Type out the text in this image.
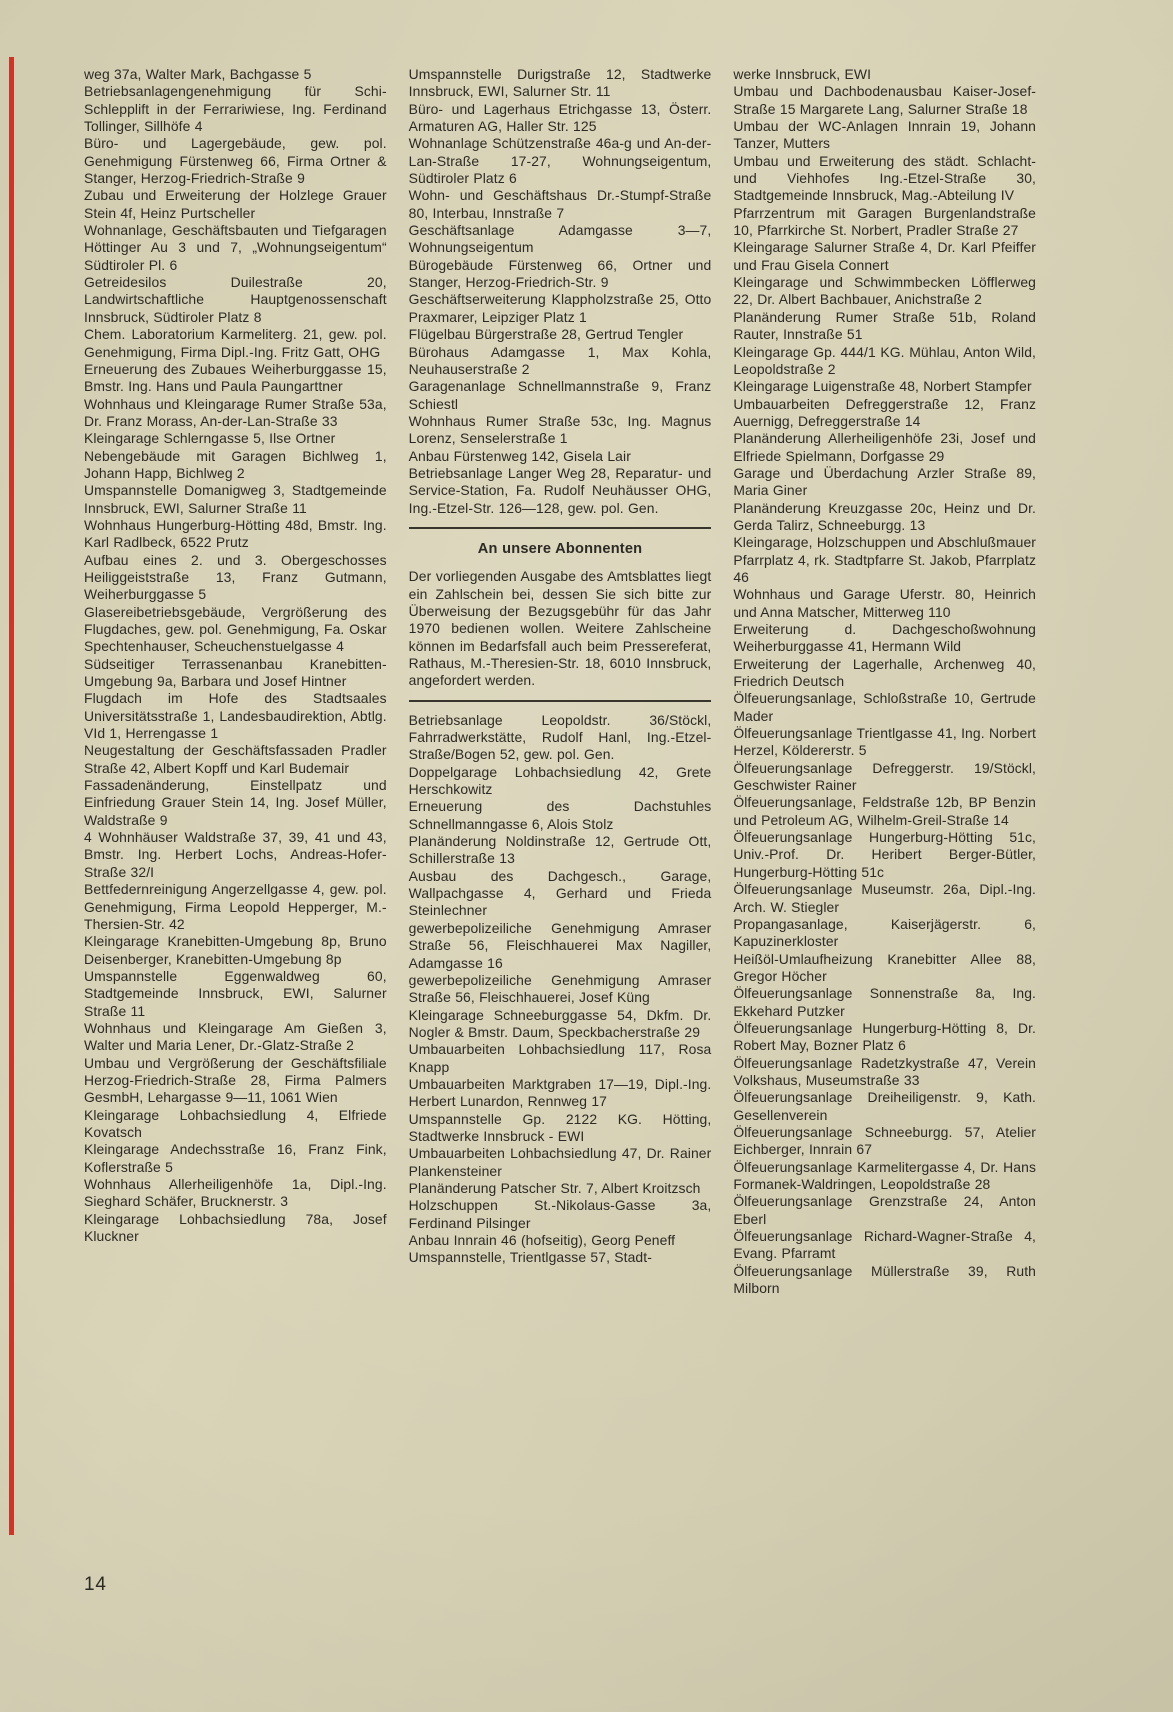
weg 37a, Walter Mark, Bachgasse 5

Betriebsanlagengenehmigung für Schi-Schlepplift in der Ferrariwiese, Ing. Ferdinand Tollinger, Sillhöfe 4

Büro- und Lagergebäude, gew. pol. Genehmigung Fürstenweg 66, Firma Ortner & Stanger, Herzog-Friedrich-Straße 9

Zubau und Erweiterung der Holzlege Grauer Stein 4f, Heinz Purtscheller

Wohnanlage, Geschäftsbauten und Tiefgaragen Höttinger Au 3 und 7, „Wohnungseigentum“ Südtiroler Pl. 6

Getreidesilos Duilestraße 20, Landwirtschaftliche Hauptgenossenschaft Innsbruck, Südtiroler Platz 8

Chem. Laboratorium Karmeliterg. 21, gew. pol. Genehmigung, Firma Dipl.-Ing. Fritz Gatt, OHG

Erneuerung des Zubaues Weiherburggasse 15, Bmstr. Ing. Hans und Paula Paungarttner

Wohnhaus und Kleingarage Rumer Straße 53a, Dr. Franz Morass, An-der-Lan-Straße 33

Kleingarage Schlerngasse 5, Ilse Ortner

Nebengebäude mit Garagen Bichlweg 1, Johann Happ, Bichlweg 2

Umspannstelle Domanigweg 3, Stadtgemeinde Innsbruck, EWI, Salurner Straße 11

Wohnhaus Hungerburg-Hötting 48d, Bmstr. Ing. Karl Radlbeck, 6522 Prutz

Aufbau eines 2. und 3. Obergeschosses Heiliggeiststraße 13, Franz Gutmann, Weiherburggasse 5

Glasereibetriebsgebäude, Vergrößerung des Flugdaches, gew. pol. Genehmigung, Fa. Oskar Spechtenhauser, Scheuchenstuelgasse 4

Südseitiger Terrassenanbau Kranebitten-Umgebung 9a, Barbara und Josef Hintner

Flugdach im Hofe des Stadtsaales Universitätsstraße 1, Landesbaudirektion, Abtlg. VId 1, Herrengasse 1

Neugestaltung der Geschäftsfassaden Pradler Straße 42, Albert Kopff und Karl Budemair

Fassadenänderung, Einstellpatz und Einfriedung Grauer Stein 14, Ing. Josef Müller, Waldstraße 9

4 Wohnhäuser Waldstraße 37, 39, 41 und 43, Bmstr. Ing. Herbert Lochs, Andreas-Hofer-Straße 32/I

Bettfedernreinigung Angerzellgasse 4, gew. pol. Genehmigung, Firma Leopold Hepperger, M.-Thersien-Str. 42

Kleingarage Kranebitten-Umgebung 8p, Bruno Deisenberger, Kranebitten-Umgebung 8p

Umspannstelle Eggenwaldweg 60, Stadtgemeinde Innsbruck, EWI, Salurner Straße 11

Wohnhaus und Kleingarage Am Gießen 3, Walter und Maria Lener, Dr.-Glatz-Straße 2

Umbau und Vergrößerung der Geschäftsfiliale Herzog-Friedrich-Straße 28, Firma Palmers GesmbH, Lehargasse 9—11, 1061 Wien

Kleingarage Lohbachsiedlung 4, Elfriede Kovatsch

Kleingarage Andechsstraße 16, Franz Fink, Koflerstraße 5

Wohnhaus Allerheiligenhöfe 1a, Dipl.-Ing. Sieghard Schäfer, Brucknerstr. 3

Kleingarage Lohbachsiedlung 78a, Josef Kluckner

Umspannstelle Durigstraße 12, Stadtwerke Innsbruck, EWI, Salurner Str. 11

Büro- und Lagerhaus Etrichgasse 13, Österr. Armaturen AG, Haller Str. 125

Wohnanlage Schützenstraße 46a-g und An-der-Lan-Straße 17-27, Wohnungseigentum, Südtiroler Platz 6

Wohn- und Geschäftshaus Dr.-Stumpf-Straße 80, Interbau, Innstraße 7

Geschäftsanlage Adamgasse 3—7, Wohnungseigentum

Bürogebäude Fürstenweg 66, Ortner und Stanger, Herzog-Friedrich-Str. 9

Geschäftserweiterung Klappholzstraße 25, Otto Praxmarer, Leipziger Platz 1

Flügelbau Bürgerstraße 28, Gertrud Tengler

Bürohaus Adamgasse 1, Max Kohla, Neuhauserstraße 2

Garagenanlage Schnellmannstraße 9, Franz Schiestl

Wohnhaus Rumer Straße 53c, Ing. Magnus Lorenz, Senselerstraße 1

Anbau Fürstenweg 142, Gisela Lair

Betriebsanlage Langer Weg 28, Reparatur- und Service-Station, Fa. Rudolf Neuhäusser OHG, Ing.-Etzel-Str. 126—128, gew. pol. Gen.

An unsere Abonnenten

Der vorliegenden Ausgabe des Amtsblattes liegt ein Zahlschein bei, dessen Sie sich bitte zur Überweisung der Bezugsgebühr für das Jahr 1970 bedienen wollen. Weitere Zahlscheine können im Bedarfsfall auch beim Pressereferat, Rathaus, M.-Theresien-Str. 18, 6010 Innsbruck, angefordert werden.

Betriebsanlage Leopoldstr. 36/Stöckl, Fahrradwerkstätte, Rudolf Hanl, Ing.-Etzel-Straße/Bogen 52, gew. pol. Gen.

Doppelgarage Lohbachsiedlung 42, Grete Herschkowitz

Erneuerung des Dachstuhles Schnellmanngasse 6, Alois Stolz

Planänderung Noldinstraße 12, Gertrude Ott, Schillerstraße 13

Ausbau des Dachgesch., Garage, Wallpachgasse 4, Gerhard und Frieda Steinlechner

gewerbepolizeiliche Genehmigung Amraser Straße 56, Fleischhauerei Max Nagiller, Adamgasse 16

gewerbepolizeiliche Genehmigung Amraser Straße 56, Fleischhauerei, Josef Küng

Kleingarage Schneeburggasse 54, Dkfm. Dr. Nogler & Bmstr. Daum, Speckbacherstraße 29

Umbauarbeiten Lohbachsiedlung 117, Rosa Knapp

Umbauarbeiten Marktgraben 17—19, Dipl.-Ing. Herbert Lunardon, Rennweg 17

Umspannstelle Gp. 2122 KG. Hötting, Stadtwerke Innsbruck - EWI

Umbauarbeiten Lohbachsiedlung 47, Dr. Rainer Plankensteiner

Planänderung Patscher Str. 7, Albert Kroitzsch

Holzschuppen St.-Nikolaus-Gasse 3a, Ferdinand Pilsinger

Anbau Innrain 46 (hofseitig), Georg Peneff

Umspannstelle, Trientlgasse 57, Stadt-

werke Innsbruck, EWI

Umbau und Dachbodenausbau Kaiser-Josef-Straße 15 Margarete Lang, Salurner Straße 18

Umbau der WC-Anlagen Innrain 19, Johann Tanzer, Mutters

Umbau und Erweiterung des städt. Schlacht- und Viehhofes Ing.-Etzel-Straße 30, Stadtgemeinde Innsbruck, Mag.-Abteilung IV

Pfarrzentrum mit Garagen Burgenlandstraße 10, Pfarrkirche St. Norbert, Pradler Straße 27

Kleingarage Salurner Straße 4, Dr. Karl Pfeiffer und Frau Gisela Connert

Kleingarage und Schwimmbecken Löfflerweg 22, Dr. Albert Bachbauer, Anichstraße 2

Planänderung Rumer Straße 51b, Roland Rauter, Innstraße 51

Kleingarage Gp. 444/1 KG. Mühlau, Anton Wild, Leopoldstraße 2

Kleingarage Luigenstraße 48, Norbert Stampfer

Umbauarbeiten Defreggerstraße 12, Franz Auernigg, Defreggerstraße 14

Planänderung Allerheiligenhöfe 23i, Josef und Elfriede Spielmann, Dorfgasse 29

Garage und Überdachung Arzler Straße 89, Maria Giner

Planänderung Kreuzgasse 20c, Heinz und Dr. Gerda Talirz, Schneeburgg. 13

Kleingarage, Holzschuppen und Abschlußmauer Pfarrplatz 4, rk. Stadtpfarre St. Jakob, Pfarrplatz 46

Wohnhaus und Garage Uferstr. 80, Heinrich und Anna Matscher, Mitterweg 110

Erweiterung d. Dachgeschoßwohnung Weiherburggasse 41, Hermann Wild

Erweiterung der Lagerhalle, Archenweg 40, Friedrich Deutsch

Ölfeuerungsanlage, Schloßstraße 10, Gertrude Mader

Ölfeuerungsanlage Trientlgasse 41, Ing. Norbert Herzel, Köldererstr. 5

Ölfeuerungsanlage Defreggerstr. 19/Stöckl, Geschwister Rainer

Ölfeuerungsanlage, Feldstraße 12b, BP Benzin und Petroleum AG, Wilhelm-Greil-Straße 14

Ölfeuerungsanlage Hungerburg-Hötting 51c, Univ.-Prof. Dr. Heribert Berger-Bütler, Hungerburg-Hötting 51c

Ölfeuerungsanlage Museumstr. 26a, Dipl.-Ing. Arch. W. Stiegler

Propangasanlage, Kaiserjägerstr. 6, Kapuzinerkloster

Heißöl-Umlaufheizung Kranebitter Allee 88, Gregor Höcher

Ölfeuerungsanlage Sonnenstraße 8a, Ing. Ekkehard Putzker

Ölfeuerungsanlage Hungerburg-Hötting 8, Dr. Robert May, Bozner Platz 6

Ölfeuerungsanlage Radetzkystraße 47, Verein Volkshaus, Museumstraße 33

Ölfeuerungsanlage Dreiheiligenstr. 9, Kath. Gesellenverein

Ölfeuerungsanlage Schneeburgg. 57, Atelier Eichberger, Innrain 67

Ölfeuerungsanlage Karmelitergasse 4, Dr. Hans Formanek-Waldringen, Leopoldstraße 28

Ölfeuerungsanlage Grenzstraße 24, Anton Eberl

Ölfeuerungsanlage Richard-Wagner-Straße 4, Evang. Pfarramt

Ölfeuerungsanlage Müllerstraße 39, Ruth Milborn

14
